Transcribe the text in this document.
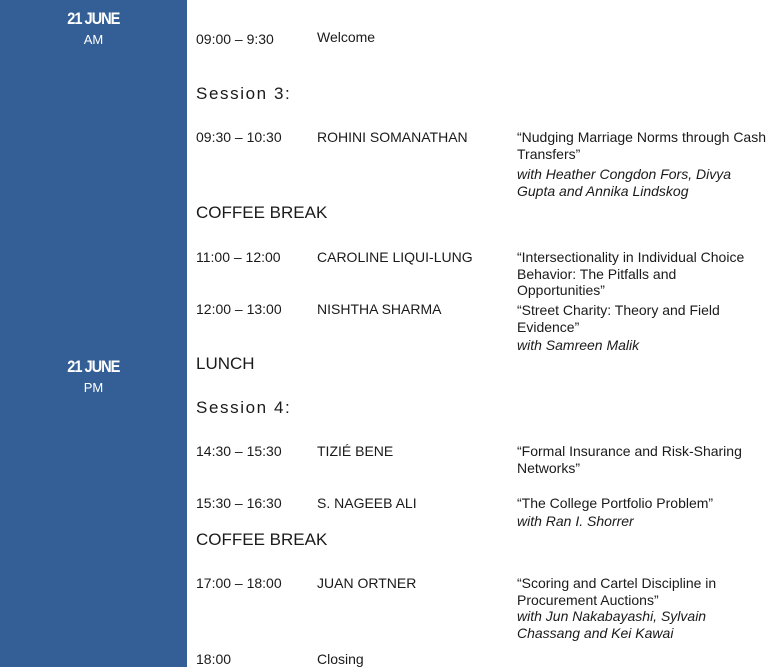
21 JUNE
AM
21 JUNE
PM
09:00 – 9:30	Welcome
Session 3:
09:30 – 10:30	ROHINI SOMANATHAN	“Nudging Marriage Norms through Cash Transfers”
with Heather Congdon Fors, Divya Gupta and Annika Lindskog
COFFEE BREAK
11:00 – 12:00	CAROLINE LIQUI-LUNG	“Intersectionality in Individual Choice Behavior: The Pitfalls and Opportunities”
12:00 – 13:00	NISHTHA SHARMA	“Street Charity: Theory and Field Evidence”
with Samreen Malik
LUNCH
Session 4:
14:30 – 15:30	TIZIÉ BENE	“Formal Insurance and Risk-Sharing Networks”
15:30 – 16:30	S. NAGEEB ALI	“The College Portfolio Problem”
with Ran I. Shorrer
COFFEE BREAK
17:00 – 18:00	JUAN ORTNER	“Scoring and Cartel Discipline in Procurement Auctions”
with Jun Nakabayashi, Sylvain Chassang and Kei Kawai
18:00	Closing
